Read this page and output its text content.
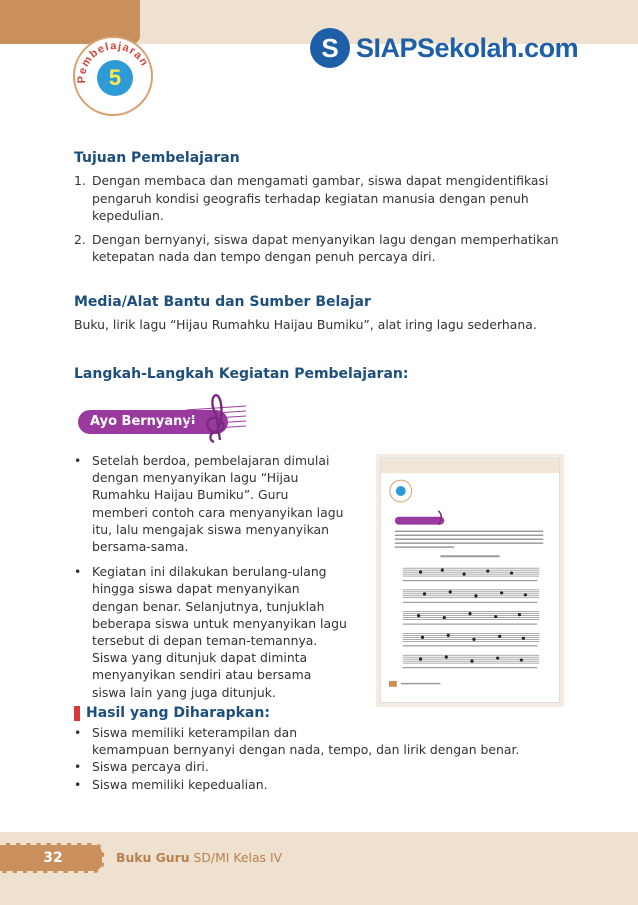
Pembelajaran
5
S SIAPSekolah.com
Tujuan Pembelajaran
1. Dengan membaca dan mengamati gambar, siswa dapat mengidentifikasi
pengaruh kondisi geografis terhadap kegiatan manusia dengan penuh
kepedulian.
2. Dengan bernyanyi, siswa dapat menyanyikan lagu dengan memperhatikan
ketepatan nada dan tempo dengan penuh percaya diri.
Media/Alat Bantu dan Sumber Belajar
Buku, lirik lagu “Hijau Rumahku Haijau Bumiku”, alat iring lagu sederhana.
Langkah-Langkah Kegiatan Pembelajaran:
Ayo Bernyanyi
• Setelah berdoa, pembelajaran dimulai
dengan menyanyikan lagu “Hijau
Rumahku Haijau Bumiku”. Guru
memberi contoh cara menyanyikan lagu
itu, lalu mengajak siswa menyanyikan
bersama-sama.
• Kegiatan ini dilakukan berulang-ulang
hingga siswa dapat menyanyikan
dengan benar. Selanjutnya, tunjuklah
beberapa siswa untuk menyanyikan lagu
tersebut di depan teman-temannya.
Siswa yang ditunjuk dapat diminta
menyanyikan sendiri atau bersama
siswa lain yang juga ditunjuk.
Hasil yang Diharapkan:
• Siswa memiliki keterampilan dan
kemampuan bernyanyi dengan nada, tempo, dan lirik dengan benar.
• Siswa percaya diri.
• Siswa memiliki kepedualian.
32	Buku Guru SD/MI Kelas IV
